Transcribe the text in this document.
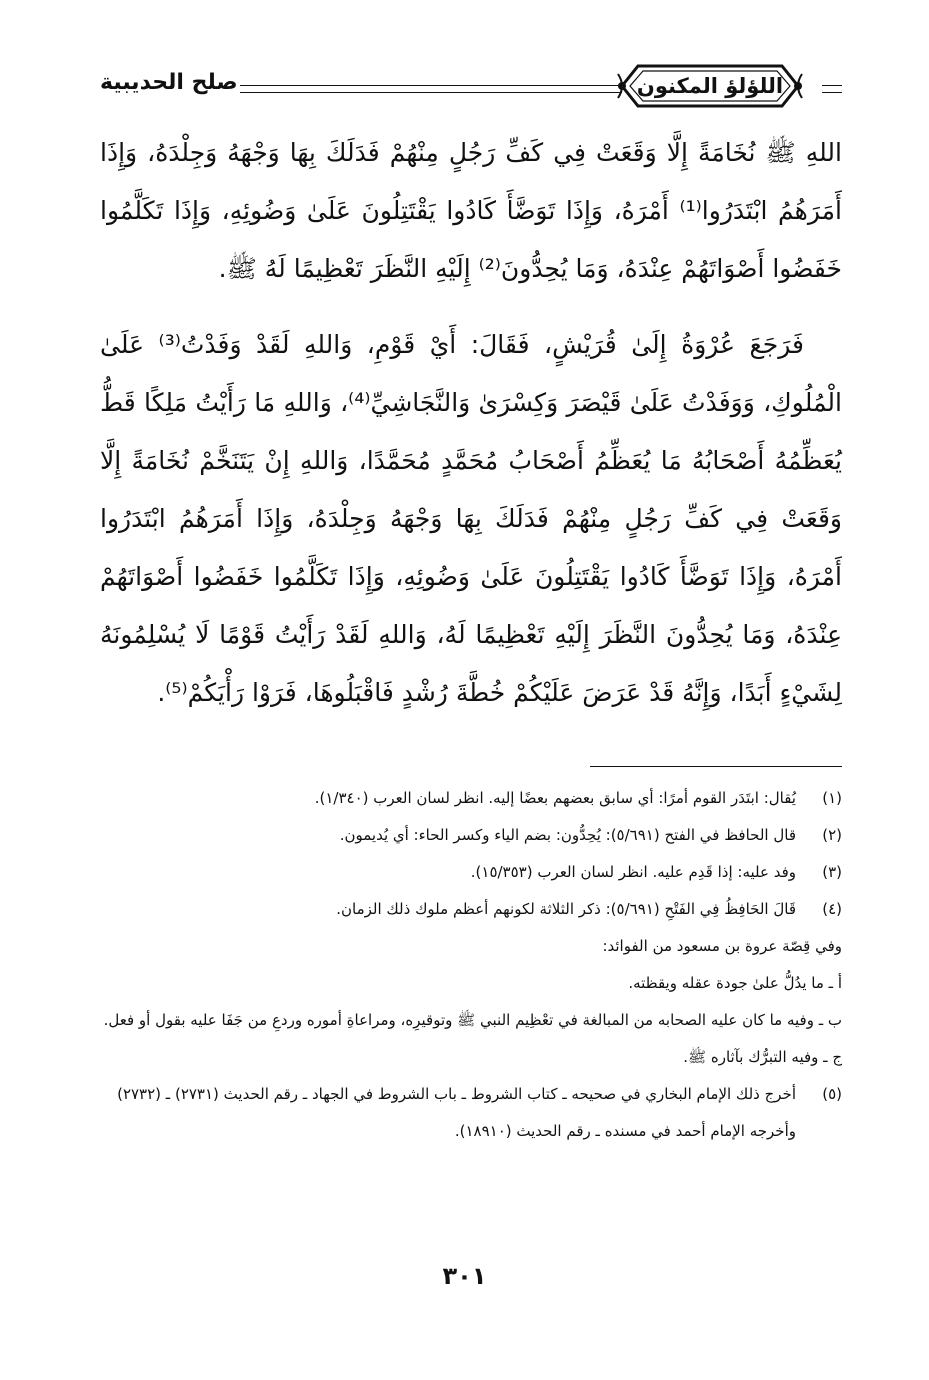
اللؤلؤ المكنون
صلح الحديبية

اللهِ ﷺ نُخَامَةً إِلَّا وَقَعَتْ فِي كَفِّ رَجُلٍ مِنْهُمْ فَدَلَكَ بِهَا وَجْهَهُ وَجِلْدَهُ، وَإِذَا أَمَرَهُمُ ابْتَدَرُوا⁽¹⁾ أَمْرَهُ، وَإِذَا تَوَضَّأَ كَادُوا يَقْتَتِلُونَ عَلَىٰ وَضُوئِهِ، وَإِذَا تَكَلَّمُوا خَفَضُوا أَصْوَاتَهُمْ عِنْدَهُ، وَمَا يُحِدُّونَ⁽²⁾ إِلَيْهِ النَّظَرَ تَعْظِيمًا لَهُ ﷺ.

فَرَجَعَ عُرْوَةُ إِلَىٰ قُرَيْشٍ، فَقَالَ: أَيْ قَوْمِ، وَاللهِ لَقَدْ وَفَدْتُ⁽³⁾ عَلَىٰ الْمُلُوكِ، وَوَفَدْتُ عَلَىٰ قَيْصَرَ وَكِسْرَىٰ وَالنَّجَاشِيِّ⁽⁴⁾، وَاللهِ مَا رَأَيْتُ مَلِكًا قَطُّ يُعَظِّمُهُ أَصْحَابُهُ مَا يُعَظِّمُ أَصْحَابُ مُحَمَّدٍ مُحَمَّدًا، وَاللهِ إِنْ يَتَنَخَّمْ نُخَامَةً إِلَّا وَقَعَتْ فِي كَفِّ رَجُلٍ مِنْهُمْ فَدَلَكَ بِهَا وَجْهَهُ وَجِلْدَهُ، وَإِذَا أَمَرَهُمُ ابْتَدَرُوا أَمْرَهُ، وَإِذَا تَوَضَّأَ كَادُوا يَقْتَتِلُونَ عَلَىٰ وَضُوئِهِ، وَإِذَا تَكَلَّمُوا خَفَضُوا أَصْوَاتَهُمْ عِنْدَهُ، وَمَا يُحِدُّونَ النَّظَرَ إِلَيْهِ تَعْظِيمًا لَهُ، وَاللهِ لَقَدْ رَأَيْتُ قَوْمًا لَا يُسْلِمُونَهُ لِشَيْءٍ أَبَدًا، وَإِنَّهُ قَدْ عَرَضَ عَلَيْكُمْ خُطَّةَ رُشْدٍ فَاقْبَلُوهَا، فَرَوْا رَأْيَكُمْ⁽⁵⁾.

(١)
يُقال: ابتَدَر القوم أمرًا: أي سابق بعضهم بعضًا إليه. انظر لسان العرب (١/٣٤٠).
(٢)
قال الحافظ في الفتح (٥/٦٩١): يُحِدُّون: بضم الياء وكسر الحاء: أي يُديمون.
(٣)
وفد عليه: إذا قَدِم عليه. انظر لسان العرب (١٥/٣٥٣).
(٤)
قَالَ الحَافِظُ فِي الفَتْحِ (٥/٦٩١): ذكر الثلاثة لكونهم أعظم ملوك ذلك الزمان.
وفي قِصّة عروة بن مسعود من الفوائد:
أ ـ ما يدُلُّ علىٰ جودة عقله ويقظته.
ب ـ وفيه ما كان عليه الصحابه من المبالغة في تعْظِيم النبي ﷺ وتوقيرِه، ومراعاةِ أموره وردعِ من جَفَا عليه بقول أو فعل.
ج ـ وفيه التبرُّك بآثاره ﷺ.
(٥)
أخرج ذلك الإمام البخاري في صحيحه ـ كتاب الشروط ـ باب الشروط في الجهاد ـ رقم الحديث (٢٧٣١) ـ (٢٧٣٢) وأخرجه الإمام أحمد في مسنده ـ رقم الحديث (١٨٩١٠).
٣٠١
